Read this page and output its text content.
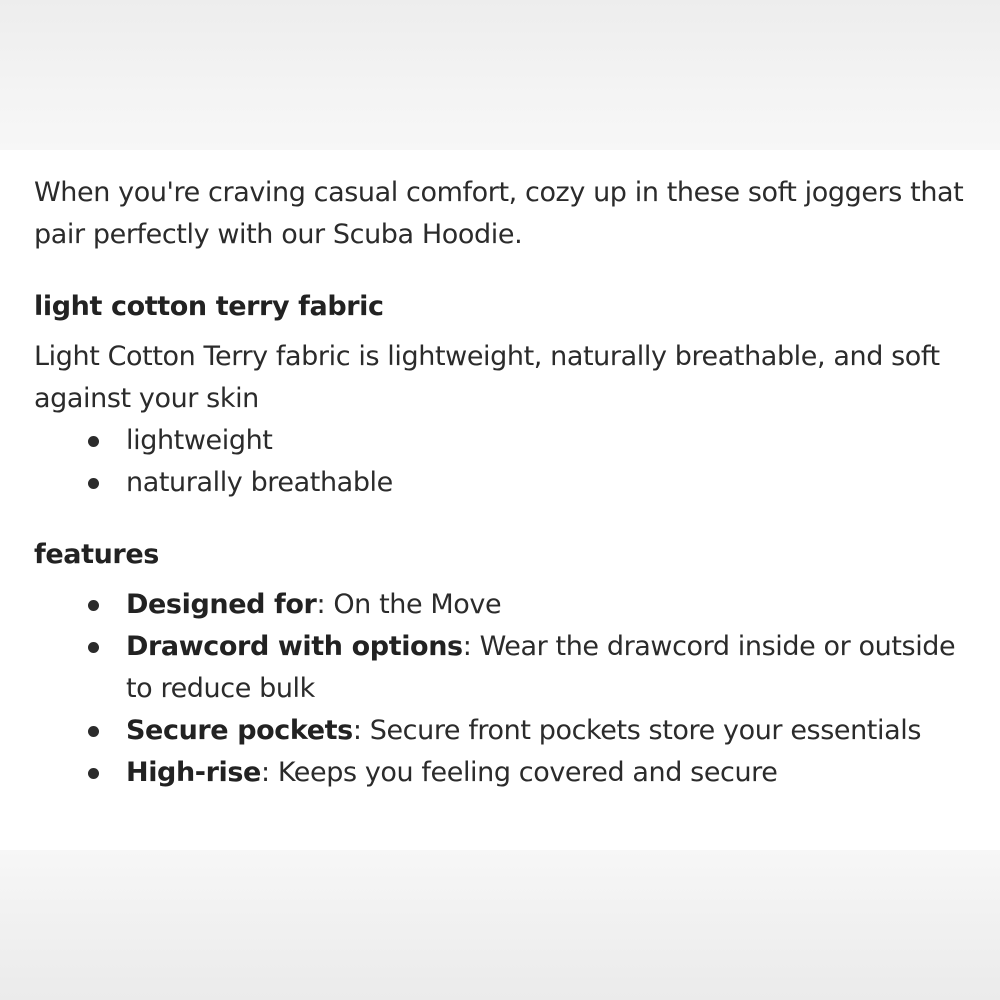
When you're craving casual comfort, cozy up in these soft joggers that pair perfectly with our Scuba Hoodie.

light cotton terry fabric

Light Cotton Terry fabric is lightweight, naturally breathable, and soft against your skin

lightweight
naturally breathable
features
Designed for: On the Move
Drawcord with options: Wear the drawcord inside or outside to reduce bulk
Secure pockets: Secure front pockets store your essentials
High-rise: Keeps you feeling covered and secure
